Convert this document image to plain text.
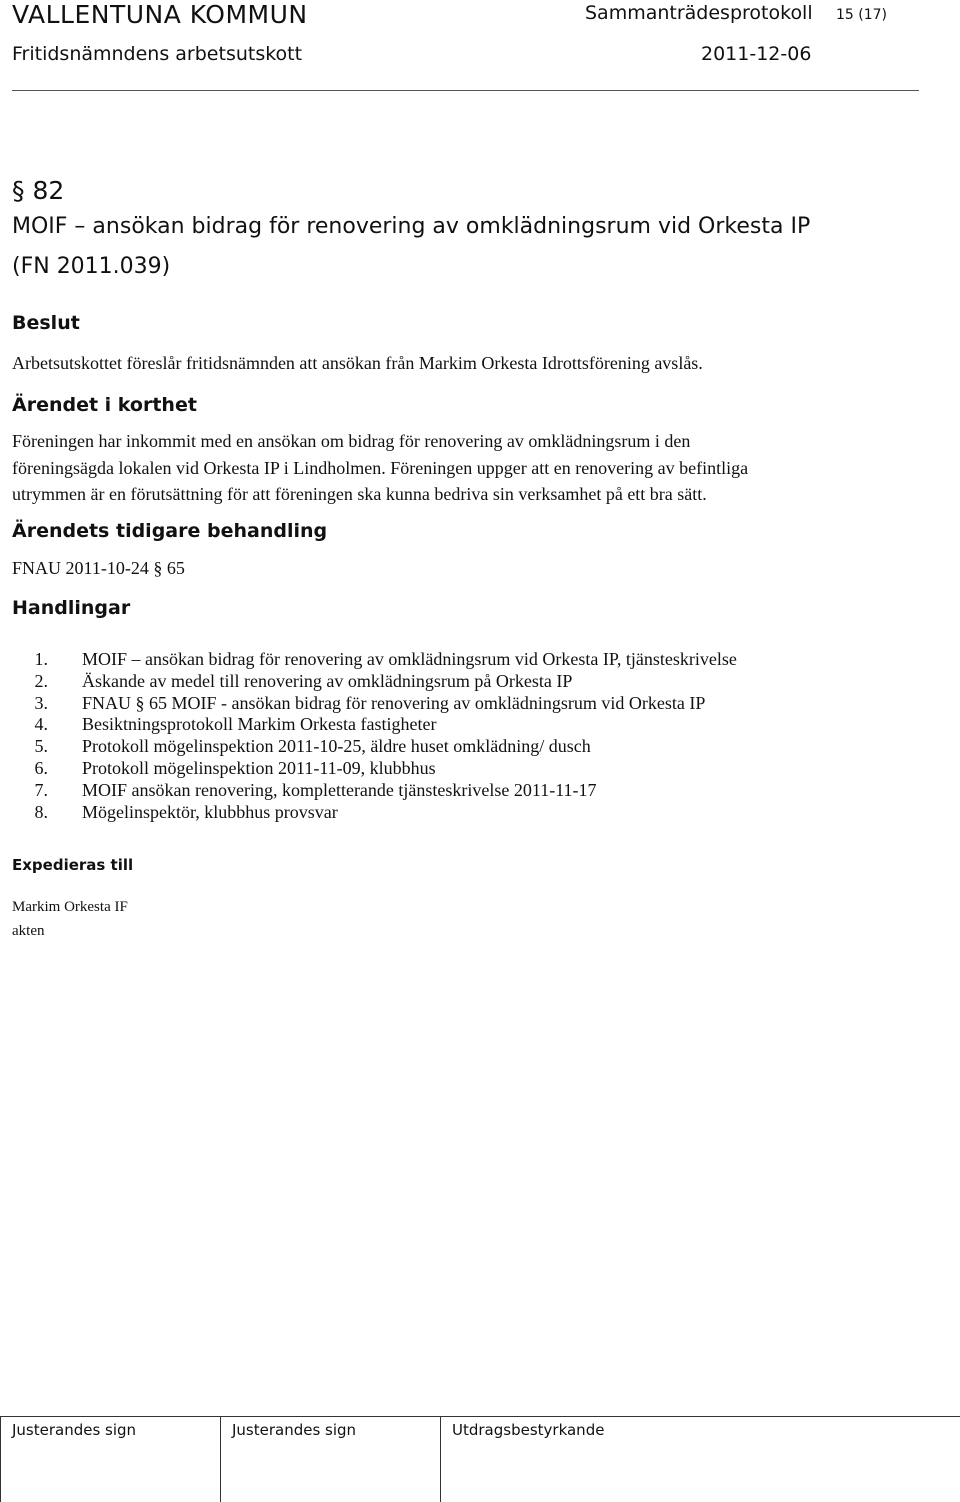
VALLENTUNA KOMMUN	Sammanträdesprotokoll 15 (17)
Fritidsnämndens arbetsutskott	2011-12-06
§ 82
MOIF – ansökan bidrag för renovering av omklädningsrum vid Orkesta IP
(FN 2011.039)
Beslut
Arbetsutskottet föreslår fritidsnämnden att ansökan från Markim Orkesta Idrottsförening avslås.
Ärendet i korthet
Föreningen har inkommit med en ansökan om bidrag för renovering av omklädningsrum i den
föreningsägda lokalen vid Orkesta IP i Lindholmen. Föreningen uppger att en renovering av befintliga
utrymmen är en förutsättning för att föreningen ska kunna bedriva sin verksamhet på ett bra sätt.
Ärendets tidigare behandling
FNAU 2011-10-24 § 65
Handlingar
1. MOIF – ansökan bidrag för renovering av omklädningsrum vid Orkesta IP, tjänsteskrivelse
2. Äskande av medel till renovering av omklädningsrum på Orkesta IP
3. FNAU § 65 MOIF - ansökan bidrag för renovering av omklädningsrum vid Orkesta IP
4. Besiktningsprotokoll Markim Orkesta fastigheter
5. Protokoll mögelinspektion 2011-10-25, äldre huset omklädning/ dusch
6. Protokoll mögelinspektion 2011-11-09, klubbhus
7. MOIF ansökan renovering, kompletterande tjänsteskrivelse 2011-11-17
8. Mögelinspektör, klubbhus provsvar
Expedieras till
Markim Orkesta IF
akten
Justerandes sign	Justerandes sign	Utdragsbestyrkande
